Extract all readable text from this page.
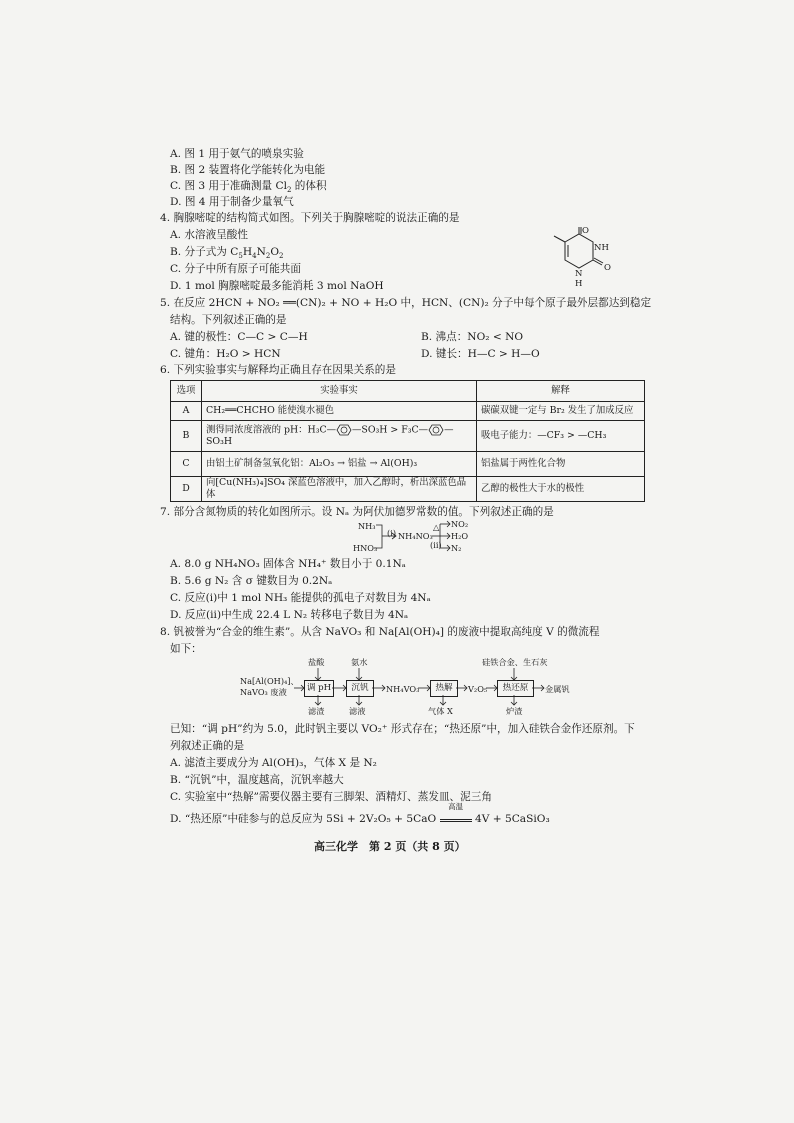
A. 图 1 用于氨气的喷泉实验
B. 图 2 装置将化学能转化为电能
C. 图 3 用于准确测量 $Cl_2$ 的体积
D. 图 4 用于制备少量氧气
4. 胸腺嘧啶的结构简式如图。下列关于胸腺嘧啶的说法正确的是
A. 水溶液呈酸性
B. 分子式为 $C_5H_4N_2O_2$
C. 分子中所有原子可能共面
D. 1 mol 胸腺嘧啶最多能消耗 3 mol NaOH
O
O
NH
N
H
5. 在反应 2HCN + NO₂ ══(CN)₂ + NO + H₂O 中，HCN、(CN)₂ 分子中每个原子最外层都达到稳定
结构。下列叙述正确的是
A. 键的极性：C—C > C—H	B. 沸点：NO₂ < NO
C. 键角：H₂O > HCN	D. 键长：H—C > H—O
6. 下列实验事实与解释均正确且存在因果关系的是
选项	实验事实	解释
A	CH₂══CHCHO 能使溴水褪色	碳碳双键一定与 Br₂ 发生了加成反应
B	测得同浓度溶液的 pH：H₃C— —SO₃H > F₃C— —SO₃H	吸电子能力：—CF₃ > —CH₃
C	由铝土矿制备氢氧化铝：Al₂O₃ → 铝盐 → Al(OH)₃	铝盐属于两性化合物
D	向[Cu(NH₃)₄]SO₄ 深蓝色溶液中，加入乙醇时，析出深蓝色晶体	乙醇的极性大于水的极性
7. 部分含氮物质的转化如图所示。设 Nₐ 为阿伏加德罗常数的值。下列叙述正确的是
NH₃
HNO₃
(i) NH₄NO₃
△
(ii)
NO₂
H₂O
N₂
A. 8.0 g NH₄NO₃ 固体含 NH₄⁺ 数目小于 0.1Nₐ
B. 5.6 g N₂ 含 σ 键数目为 0.2Nₐ
C. 反应(i)中 1 mol NH₃ 能提供的孤电子对数目为 4Nₐ
D. 反应(ii)中生成 22.4 L N₂ 转移电子数目为 4Nₐ
8. 钒被誉为“合金的维生素”。从含 NaVO₃ 和 Na[Al(OH)₄] 的废液中提取高纯度 V 的微流程
如下：
Na[Al(OH)₄]、
NaVO₃ 废液
盐酸	氨水	硅铁合金、生石灰
调 pH	沉钒	热解	热还原
NH₄VO₃	V₂O₅	金属钒
滤渣	滤液	气体 X	炉渣
已知：“调 pH”约为 5.0，此时钒主要以 VO₂⁺ 形式存在；“热还原”中，加入硅铁合金作还原剂。下
列叙述正确的是
A. 滤渣主要成分为 Al(OH)₃，气体 X 是 N₂
B. “沉钒”中，温度越高，沉钒率越大
C. 实验室中“热解”需要仪器主要有三脚架、酒精灯、蒸发皿、泥三角
D. “热还原”中硅参与的总反应为 5Si + 2V₂O₅ + 5CaO
高温
4V + 5CaSiO₃
高三化学　第 2 页（共 8 页）
